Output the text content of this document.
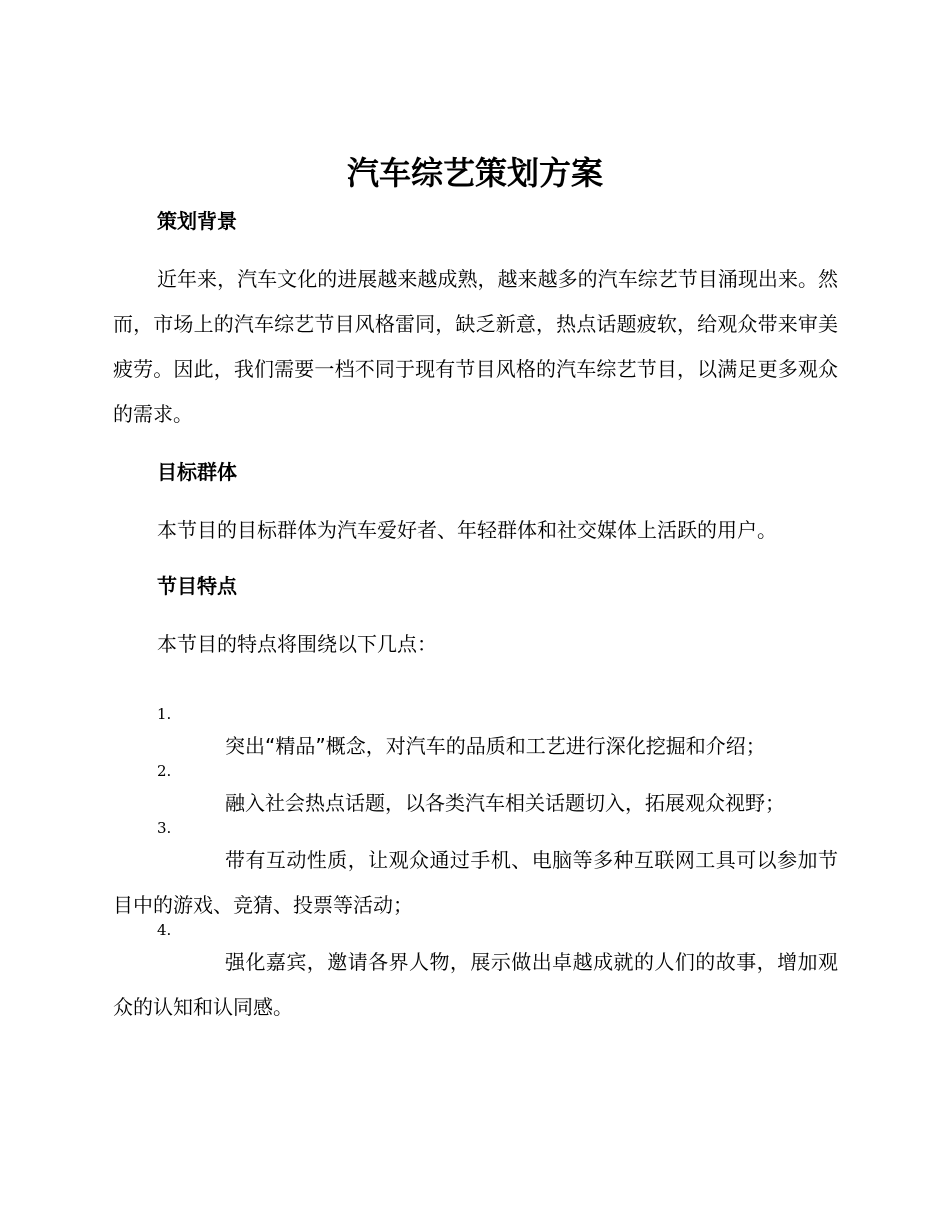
汽车综艺策划方案
策划背景

近年来，汽车文化的进展越来越成熟，越来越多的汽车综艺节目涌现出来。然而，市场上的汽车综艺节目风格雷同，缺乏新意，热点话题疲软，给观众带来审美疲劳。因此，我们需要一档不同于现有节目风格的汽车综艺节目，以满足更多观众的需求。

目标群体

本节目的目标群体为汽车爱好者、年轻群体和社交媒体上活跃的用户。

节目特点

本节目的特点将围绕以下几点：

1.
突出“精品”概念，对汽车的品质和工艺进行深化挖掘和介绍；
2.
融入社会热点话题，以各类汽车相关话题切入，拓展观众视野；
3.
带有互动性质，让观众通过手机、电脑等多种互联网工具可以参加节目中的游戏、竞猜、投票等活动；
4.
强化嘉宾，邀请各界人物，展示做出卓越成就的人们的故事，增加观众的认知和认同感。
